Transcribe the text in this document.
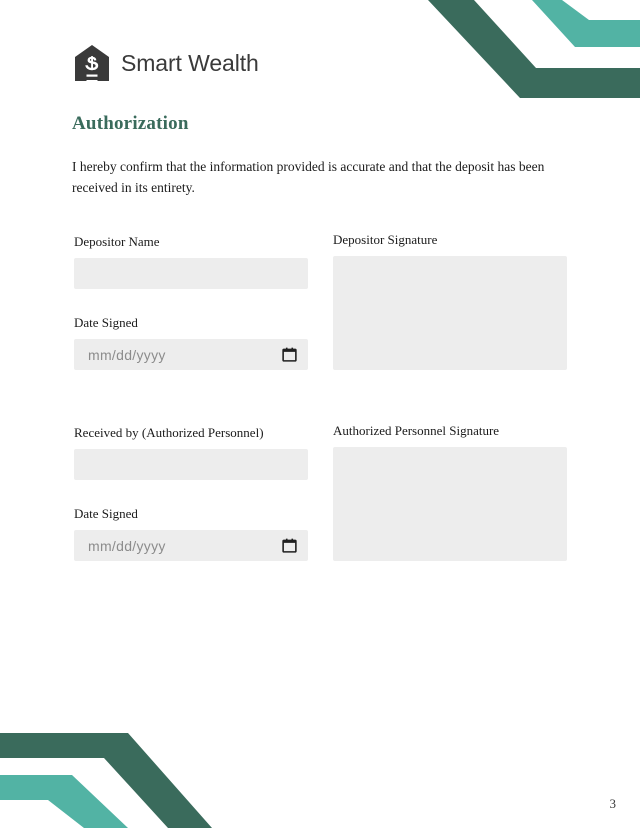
Smart Wealth
Authorization

I hereby confirm that the information provided is accurate and that the deposit has been received in its entirety.

Depositor Name
Date Signed
mm/dd/yyyy
Received by (Authorized Personnel)
Date Signed
mm/dd/yyyy
Depositor Signature
Authorized Personnel Signature
3
